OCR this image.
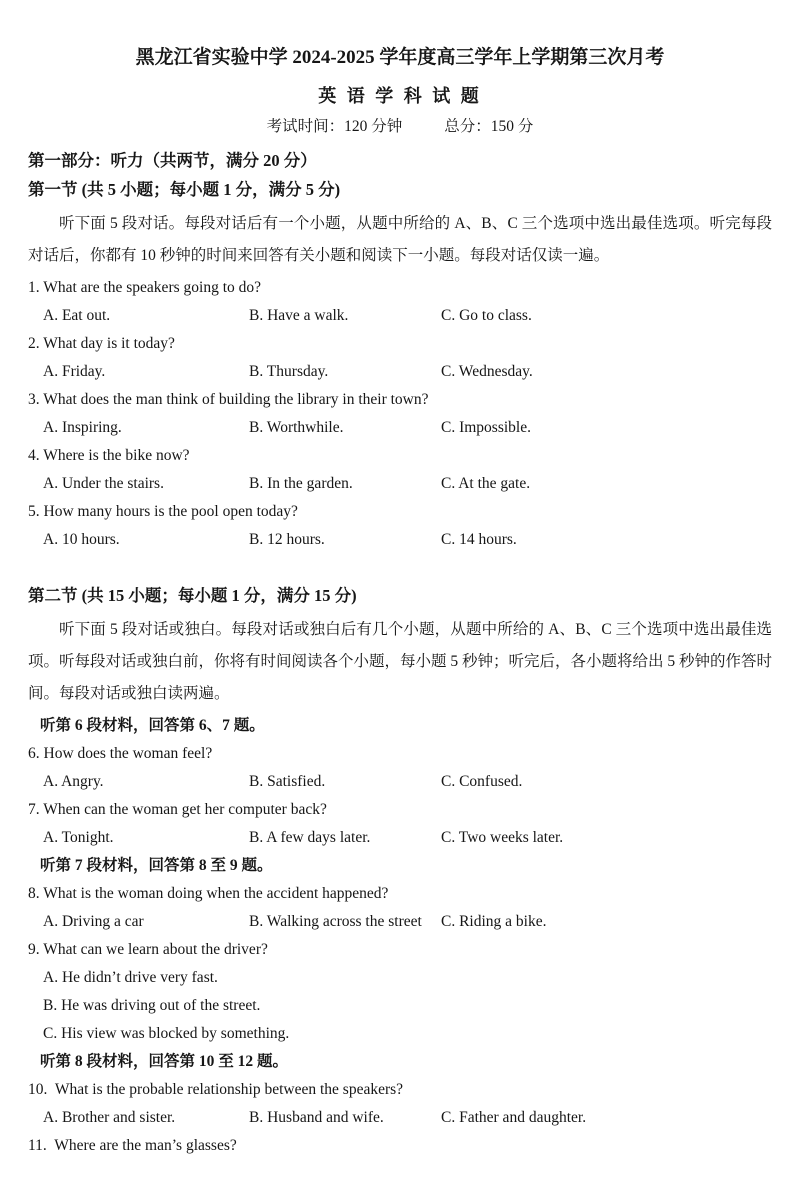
黑龙江省实验中学 2024-2025 学年度高三学年上学期第三次月考
英 语 学 科 试 题
考试时间：120 分钟	总分：150 分
第一部分：听力（共两节，满分 20 分）
第一节 (共 5 小题；每小题 1 分，满分 5 分)

听下面 5 段对话。每段对话后有一个小题，从题中所给的 A、B、C 三个选项中选出最佳选项。听完每段对话后，你都有 10 秒钟的时间来回答有关小题和阅读下一小题。每段对话仅读一遍。

1. What are the speakers going to do?
A. Eat out.	B. Have a walk.	C. Go to class.
2. What day is it today?
A. Friday.	B. Thursday.	C. Wednesday.
3. What does the man think of building the library in their town?
A. Inspiring.	B. Worthwhile.	C. Impossible.
4. Where is the bike now?
A. Under the stairs.	B. In the garden.	C. At the gate.
5. How many hours is the pool open today?
A. 10 hours.	B. 12 hours.	C. 14 hours.
第二节 (共 15 小题；每小题 1 分，满分 15 分)

听下面 5 段对话或独白。每段对话或独白后有几个小题，从题中所给的 A、B、C 三个选项中选出最佳选项。听每段对话或独白前，你将有时间阅读各个小题，每小题 5 秒钟；听完后，各小题将给出 5 秒钟的作答时间。每段对话或独白读两遍。

听第 6 段材料，回答第 6、7 题。
6. How does the woman feel?
A. Angry.	B. Satisfied.	C. Confused.
7. When can the woman get her computer back?
A. Tonight.	B. A few days later.	C. Two weeks later.
听第 7 段材料，回答第 8 至 9 题。
8. What is the woman doing when the accident happened?
A. Driving a car	B. Walking across the street	C. Riding a bike.
9. What can we learn about the driver?
A. He didn’t drive very fast.
B. He was driving out of the street.
C. His view was blocked by something.
听第 8 段材料，回答第 10 至 12 题。
10.  What is the probable relationship between the speakers?
A. Brother and sister.	B. Husband and wife.	C. Father and daughter.
11.  Where are the man’s glasses?
